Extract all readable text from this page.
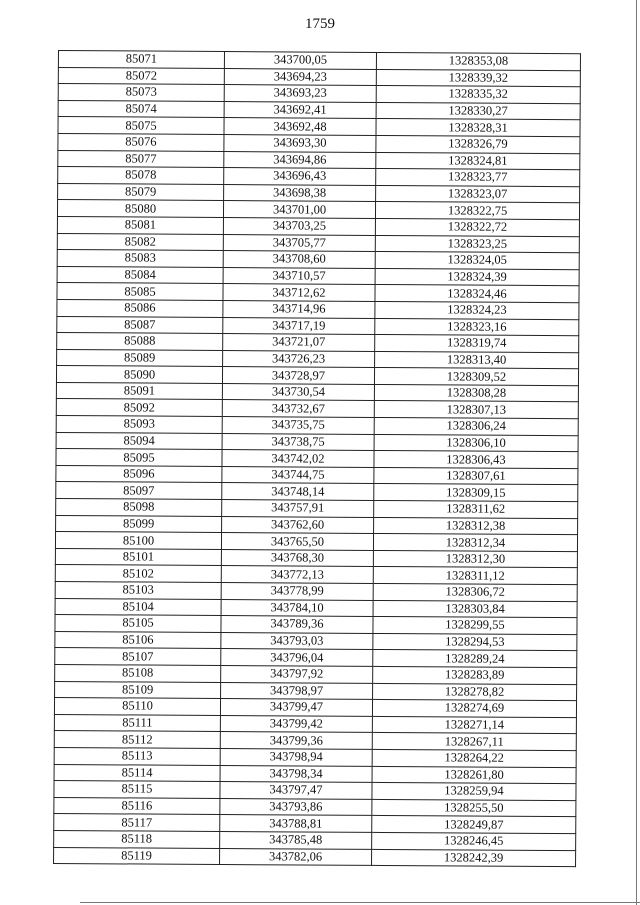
1759
85071	343700,05	1328353,08
85072	343694,23	1328339,32
85073	343693,23	1328335,32
85074	343692,41	1328330,27
85075	343692,48	1328328,31
85076	343693,30	1328326,79
85077	343694,86	1328324,81
85078	343696,43	1328323,77
85079	343698,38	1328323,07
85080	343701,00	1328322,75
85081	343703,25	1328322,72
85082	343705,77	1328323,25
85083	343708,60	1328324,05
85084	343710,57	1328324,39
85085	343712,62	1328324,46
85086	343714,96	1328324,23
85087	343717,19	1328323,16
85088	343721,07	1328319,74
85089	343726,23	1328313,40
85090	343728,97	1328309,52
85091	343730,54	1328308,28
85092	343732,67	1328307,13
85093	343735,75	1328306,24
85094	343738,75	1328306,10
85095	343742,02	1328306,43
85096	343744,75	1328307,61
85097	343748,14	1328309,15
85098	343757,91	1328311,62
85099	343762,60	1328312,38
85100	343765,50	1328312,34
85101	343768,30	1328312,30
85102	343772,13	1328311,12
85103	343778,99	1328306,72
85104	343784,10	1328303,84
85105	343789,36	1328299,55
85106	343793,03	1328294,53
85107	343796,04	1328289,24
85108	343797,92	1328283,89
85109	343798,97	1328278,82
85110	343799,47	1328274,69
85111	343799,42	1328271,14
85112	343799,36	1328267,11
85113	343798,94	1328264,22
85114	343798,34	1328261,80
85115	343797,47	1328259,94
85116	343793,86	1328255,50
85117	343788,81	1328249,87
85118	343785,48	1328246,45
85119	343782,06	1328242,39
